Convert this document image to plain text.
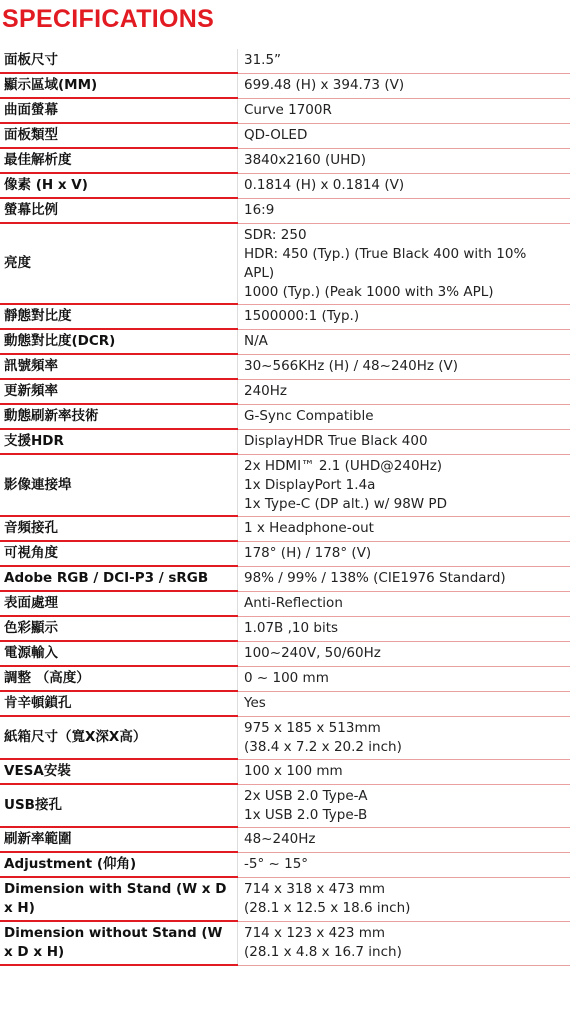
SPECIFICATIONS
面板尺寸	31.5”

顯示區域(MM)	699.48 (H) x 394.73 (V)

曲面螢幕	Curve 1700R

面板類型	QD-OLED

最佳解析度	3840x2160 (UHD)

像素 (H x V)	0.1814 (H) x 0.1814 (V)

螢幕比例	16:9

亮度	SDR: 250
HDR: 450 (Typ.) (True Black 400 with 10%
APL)
1000 (Typ.) (Peak 1000 with 3% APL)

靜態對比度	1500000:1 (Typ.)

動態對比度(DCR)	N/A

訊號頻率	30~566KHz (H) / 48~240Hz (V)

更新頻率	240Hz

動態刷新率技術	G-Sync Compatible

支援HDR	DisplayHDR True Black 400

影像連接埠	2x HDMI™ 2.1 (UHD@240Hz)
1x DisplayPort 1.4a
1x Type-C (DP alt.) w/ 98W PD

音頻接孔	1 x Headphone-out

可視角度	178° (H) / 178° (V)

Adobe RGB / DCI-P3 / sRGB	98% / 99% / 138% (CIE1976 Standard)

表面處理	Anti-Reflection

色彩顯示	1.07B ,10 bits

電源輸入	100~240V, 50/60Hz

調整 （高度）	0 ~ 100 mm

肯辛頓鎖孔	Yes

紙箱尺寸（寬X深X高）	975 x 185 x 513mm
(38.4 x 7.2 x 20.2 inch)

VESA安裝	100 x 100 mm

USB接孔	2x USB 2.0 Type-A
1x USB 2.0 Type-B

刷新率範圍	48~240Hz

Adjustment (仰角)	-5° ~ 15°

Dimension with Stand (W x D x H)	714 x 318 x 473 mm
(28.1 x 12.5 x 18.6 inch)

Dimension without Stand (W x D x H)	714 x 123 x 423 mm
(28.1 x 4.8 x 16.7 inch)
